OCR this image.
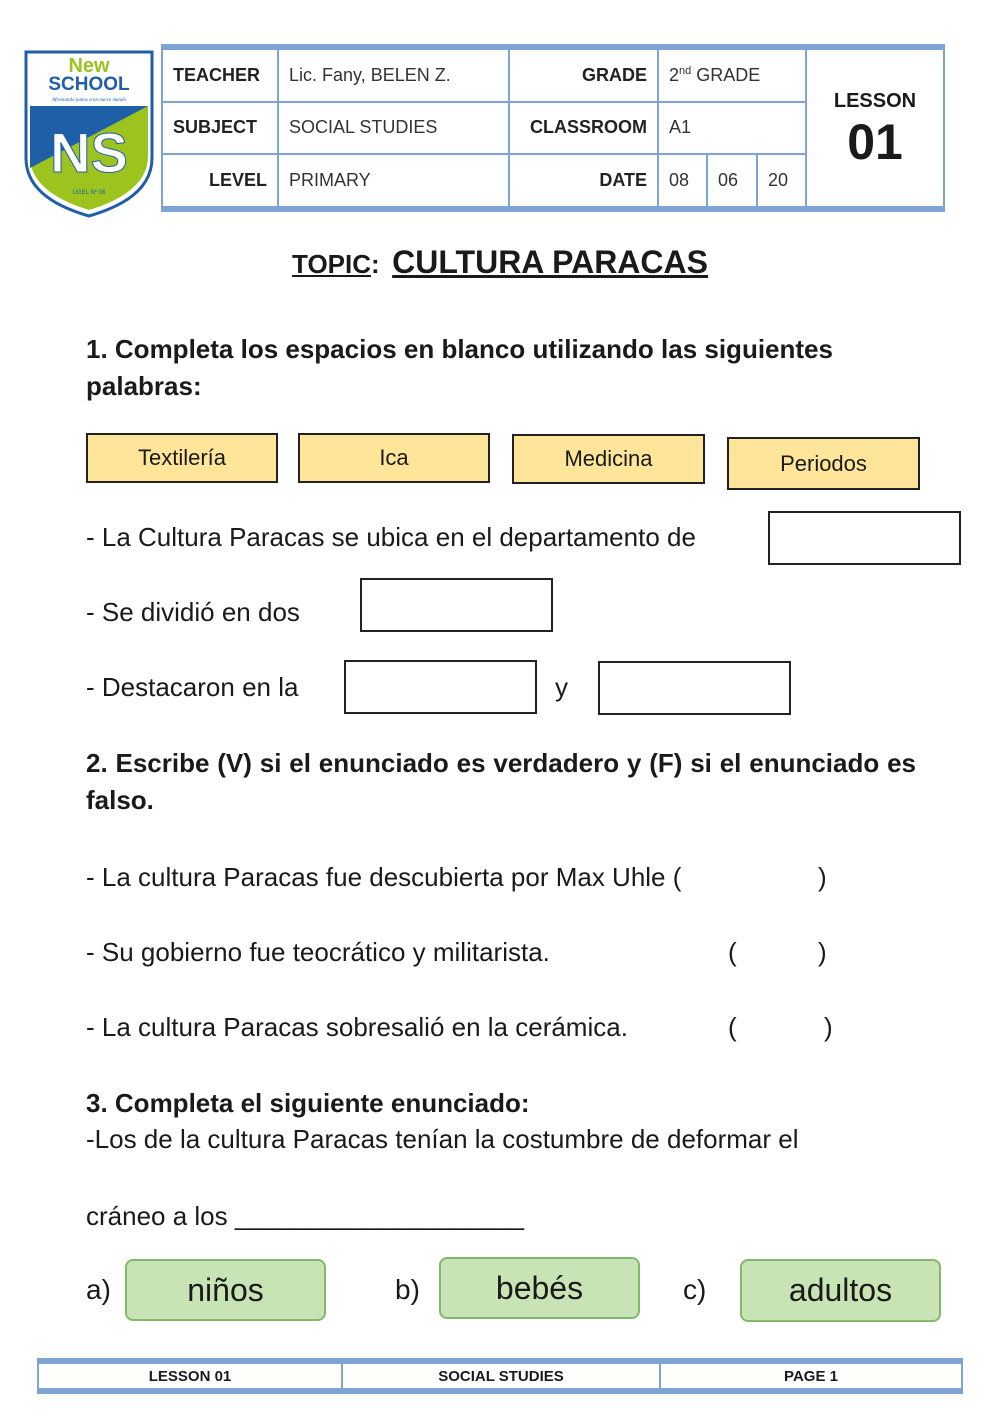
New
SCHOOL
Afrontando juntos a un nuevo mundo
NS
UGEL Nº 06
TEACHER	Lic. Fany, BELEN Z.	GRADE	2nd GRADE			LESSON
01

SUBJECT	SOCIAL STUDIES	CLASSROOM	A1			
LEVEL	PRIMARY	DATE	08	06	20	
TOPIC: CULTURA PARACAS
1. Completa los espacios en blanco utilizando las siguientes palabras:
Textilería	Ica	Medicina	Periodos
- La Cultura Paracas se ubica en el departamento de
- Se dividió en dos
- Destacaron en la	y
2. Escribe (V) si el enunciado es verdadero y (F) si el enunciado es falso.
- La cultura Paracas fue descubierta por Max Uhle (	)
- Su gobierno fue teocrático y militarista.	(	)
- La cultura Paracas sobresalió en la cerámica.	(	)
3. Completa el siguiente enunciado:
-Los de la cultura Paracas tenían la costumbre de deformar el
cráneo a los ____________________
a)	niños	b)	bebés	c)	adultos
LESSON 01	SOCIAL STUDIES	PAGE 1
